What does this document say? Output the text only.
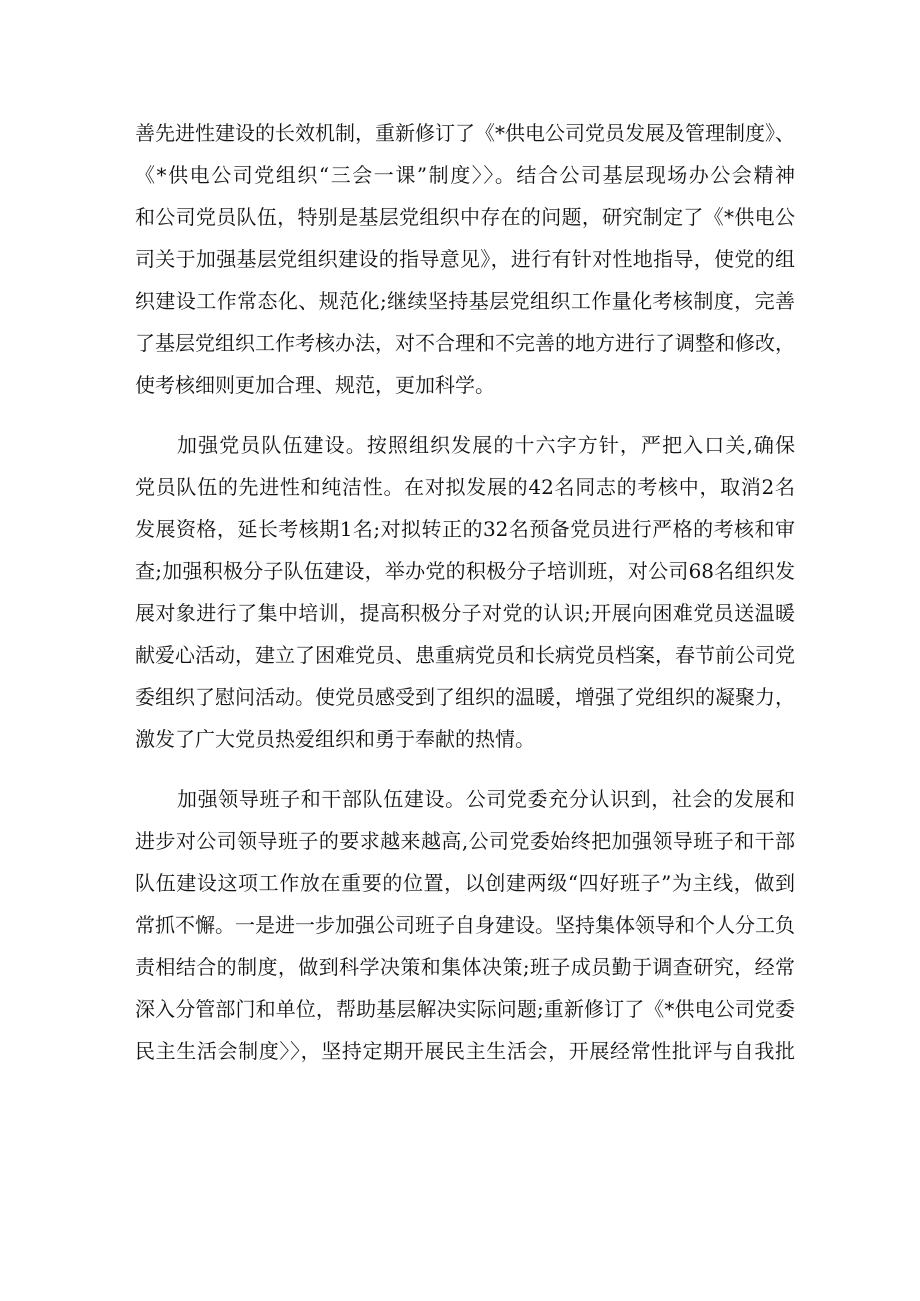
善先进性建设的长效机制，重新修订了《*供电公司党员发展及管理制度》、
《*供电公司党组织“三会一课”制度〉〉。结合公司基层现场办公会精神
和公司党员队伍，特别是基层党组织中存在的问题，研究制定了《*供电公
司关于加强基层党组织建设的指导意见》，进行有针对性地指导，使党的组
织建设工作常态化、规范化;继续坚持基层党组织工作量化考核制度，完善
了基层党组织工作考核办法，对不合理和不完善的地方进行了调整和修改，
使考核细则更加合理、规范，更加科学。
加强党员队伍建设。按照组织发展的十六字方针，严把入口关,确保
党员队伍的先进性和纯洁性。在对拟发展的42名同志的考核中，取消2名
发展资格，延长考核期1名;对拟转正的32名预备党员进行严格的考核和审
查;加强积极分子队伍建设，举办党的积极分子培训班，对公司68名组织发
展对象进行了集中培训，提高积极分子对党的认识;开展向困难党员送温暖
献爱心活动，建立了困难党员、患重病党员和长病党员档案，春节前公司党
委组织了慰问活动。使党员感受到了组织的温暖，增强了党组织的凝聚力，
激发了广大党员热爱组织和勇于奉献的热情。
加强领导班子和干部队伍建设。公司党委充分认识到，社会的发展和
进步对公司领导班子的要求越来越高,公司党委始终把加强领导班子和干部
队伍建设这项工作放在重要的位置，以创建两级“四好班子”为主线，做到
常抓不懈。一是进一步加强公司班子自身建设。坚持集体领导和个人分工负
责相结合的制度，做到科学决策和集体决策;班子成员勤于调查研究，经常
深入分管部门和单位，帮助基层解决实际问题;重新修订了《*供电公司党委
民主生活会制度〉〉，坚持定期开展民主生活会，开展经常性批评与自我批
